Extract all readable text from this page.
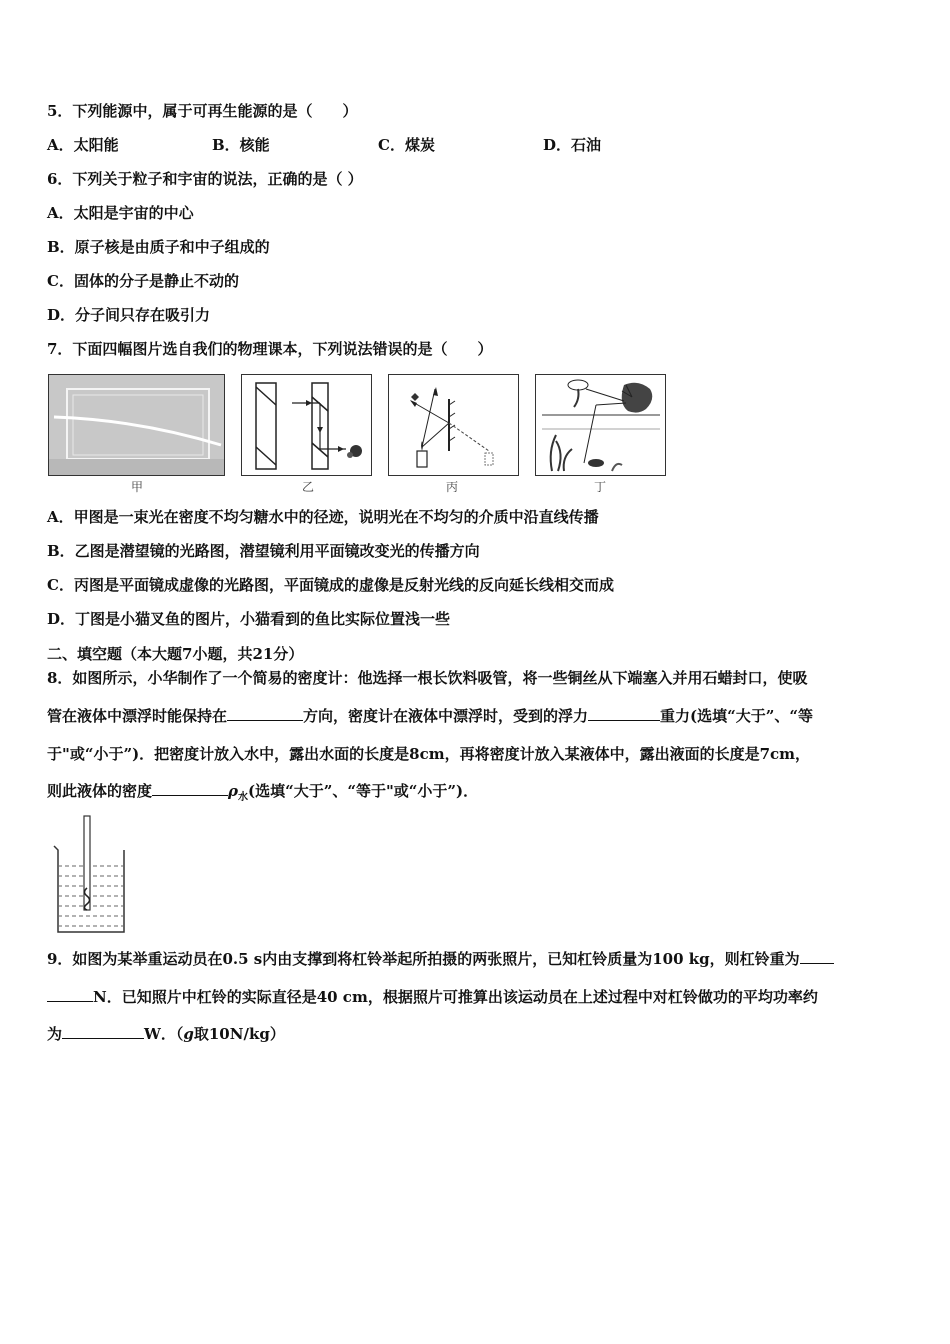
5．下列能源中，属于可再生能源的是（　　）
A．太阳能	B．核能	C．煤炭	D．石油
6．下列关于粒子和宇宙的说法，正确的是（ ）
A．太阳是宇宙的中心
B．原子核是由质子和中子组成的
C．固体的分子是静止不动的
D．分子间只存在吸引力
7．下面四幅图片选自我们的物理课本，下列说法错误的是（　　）
甲	乙	丙	丁
A．甲图是一束光在密度不均匀糖水中的径迹，说明光在不均匀的介质中沿直线传播
B．乙图是潜望镜的光路图，潜望镜利用平面镜改变光的传播方向
C．丙图是平面镜成虚像的光路图，平面镜成的虚像是反射光线的反向延长线相交而成
D．丁图是小猫叉鱼的图片，小猫看到的鱼比实际位置浅一些
二、填空题（本大题7小题，共21分）
8．如图所示，小华制作了一个简易的密度计：他选择一根长饮料吸管，将一些铜丝从下端塞入并用石蜡封口，使吸
管在液体中漂浮时能保持在	方向，密度计在液体中漂浮时，受到的浮力	重力(选填“大于”、“等
于"或“小于”)．把密度计放入水中，露出水面的长度是8cm，再将密度计放入某液体中，露出液面的长度是7cm，
则此液体的密度	$\rho_水$(选填“大于”、“等于"或“小于”)．
9．如图为某举重运动员在0.5 s内由支撑到将杠铃举起所拍摄的两张照片，已知杠铃质量为100 kg，则杠铃重为
N．已知照片中杠铃的实际直径是40 cm，根据照片可推算出该运动员在上述过程中对杠铃做功的平均功率约
为	W．（g取10N/kg）
